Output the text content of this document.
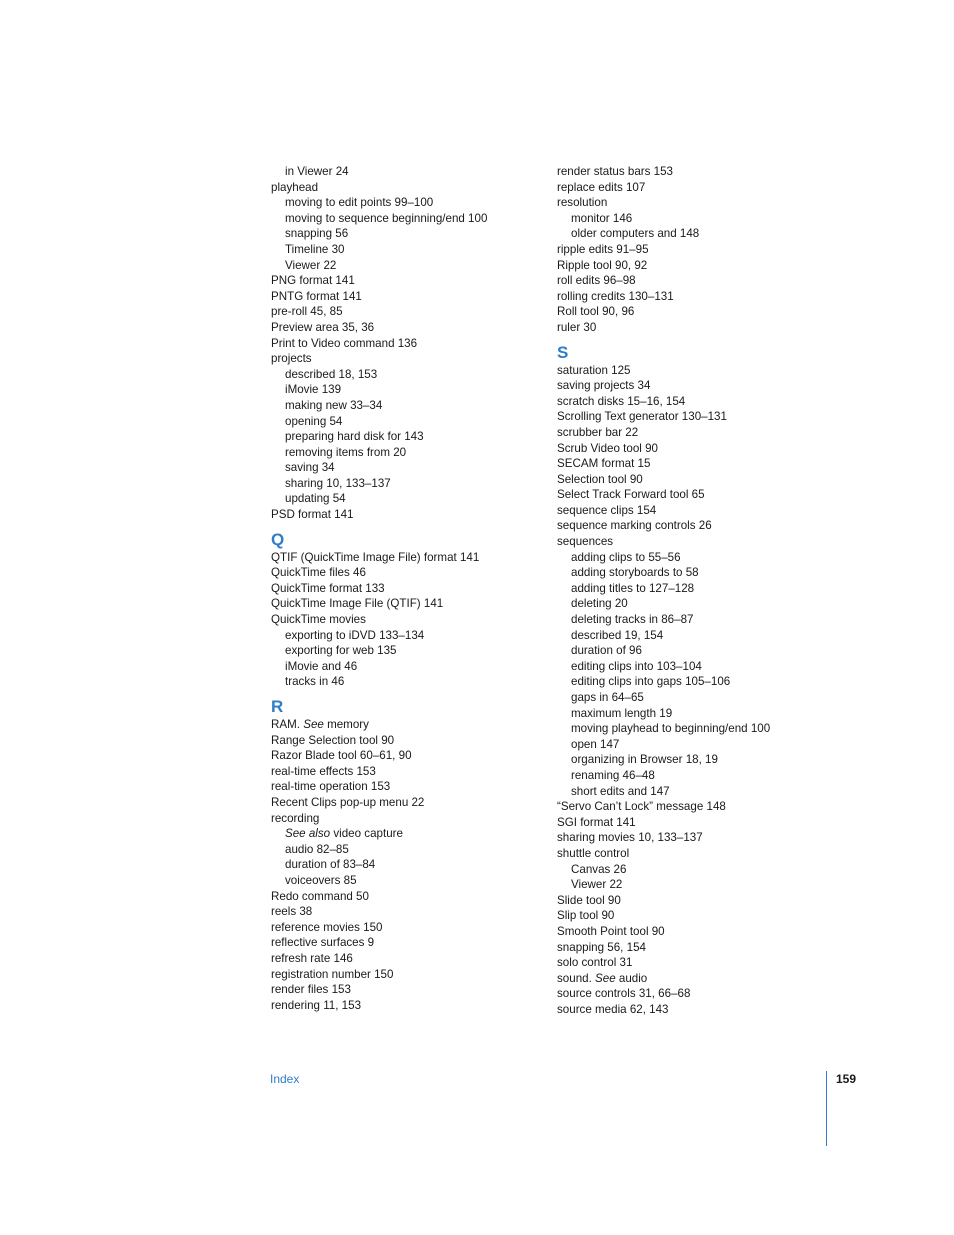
in Viewer 24
playhead
moving to edit points 99–100
moving to sequence beginning/end 100
snapping 56
Timeline 30
Viewer 22
PNG format 141
PNTG format 141
pre-roll 45, 85
Preview area 35, 36
Print to Video command 136
projects
described 18, 153
iMovie 139
making new 33–34
opening 54
preparing hard disk for 143
removing items from 20
saving 34
sharing 10, 133–137
updating 54
PSD format 141
Q
QTIF (QuickTime Image File) format 141
QuickTime files 46
QuickTime format 133
QuickTime Image File (QTIF) 141
QuickTime movies
exporting to iDVD 133–134
exporting for web 135
iMovie and 46
tracks in 46
R
RAM. See memory
Range Selection tool 90
Razor Blade tool 60–61, 90
real-time effects 153
real-time operation 153
Recent Clips pop-up menu 22
recording
See also video capture
audio 82–85
duration of 83–84
voiceovers 85
Redo command 50
reels 38
reference movies 150
reflective surfaces 9
refresh rate 146
registration number 150
render files 153
rendering 11, 153
render status bars 153
replace edits 107
resolution
monitor 146
older computers and 148
ripple edits 91–95
Ripple tool 90, 92
roll edits 96–98
rolling credits 130–131
Roll tool 90, 96
ruler 30
S
saturation 125
saving projects 34
scratch disks 15–16, 154
Scrolling Text generator 130–131
scrubber bar 22
Scrub Video tool 90
SECAM format 15
Selection tool 90
Select Track Forward tool 65
sequence clips 154
sequence marking controls 26
sequences
adding clips to 55–56
adding storyboards to 58
adding titles to 127–128
deleting 20
deleting tracks in 86–87
described 19, 154
duration of 96
editing clips into 103–104
editing clips into gaps 105–106
gaps in 64–65
maximum length 19
moving playhead to beginning/end 100
open 147
organizing in Browser 18, 19
renaming 46–48
short edits and 147
“Servo Can’t Lock” message 148
SGI format 141
sharing movies 10, 133–137
shuttle control
Canvas 26
Viewer 22
Slide tool 90
Slip tool 90
Smooth Point tool 90
snapping 56, 154
solo control 31
sound. See audio
source controls 31, 66–68
source media 62, 143
Index	159
